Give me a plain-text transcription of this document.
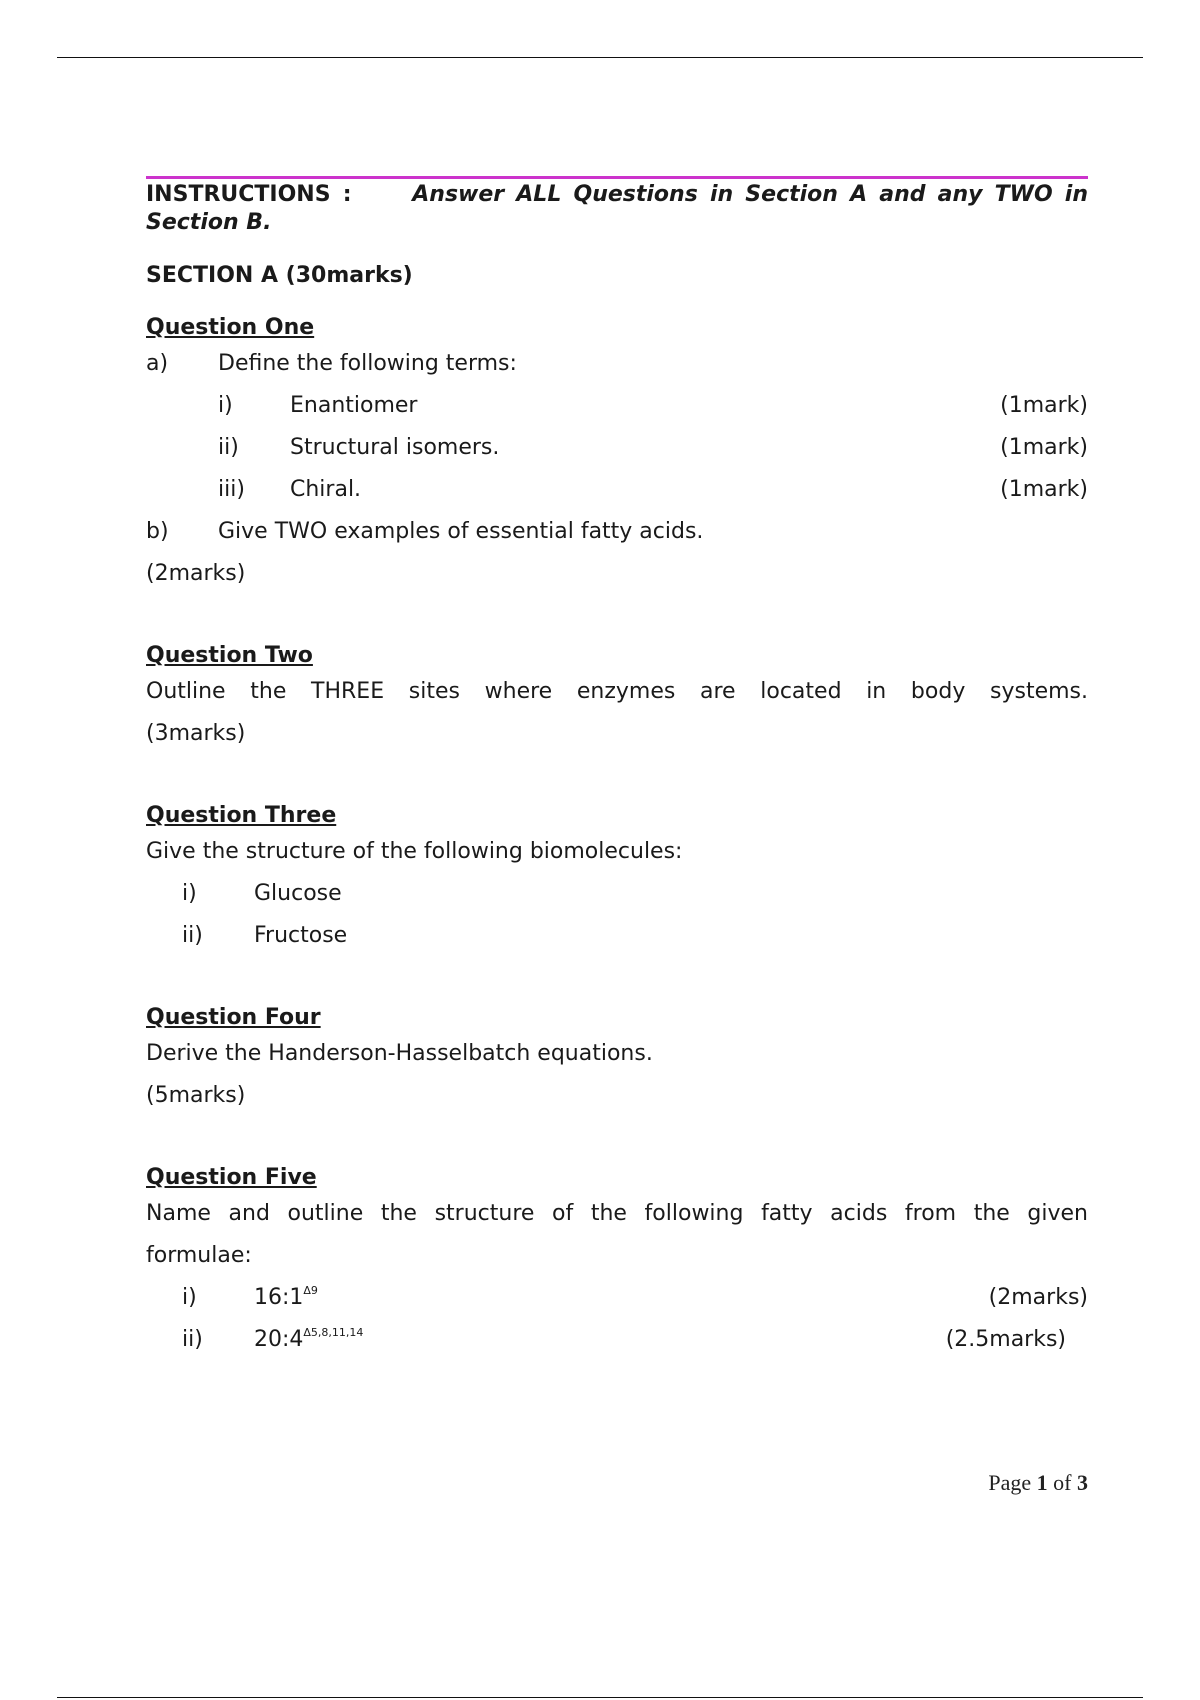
INSTRUCTIONS :	Answer ALL Questions in Section A and any TWO in Section B.
SECTION A (30marks)
Question One
a)	Define the following terms:
i)	Enantiomer	(1mark)
ii)	Structural isomers.	(1mark)
iii)	Chiral.	(1mark)
b)	Give TWO examples of essential fatty acids.
(2marks)
Question Two
Outline the THREE sites where enzymes are located in body systems.
(3marks)
Question Three
Give the structure of the following biomolecules:
i)	Glucose
ii)	Fructose
Question Four
Derive the Handerson-Hasselbatch equations.
(5marks)
Question Five
Name and outline the structure of the following fatty acids from the given
formulae:
i)	$16:1^{\Delta 9}$	(2marks)
ii)	$20:4^{\Delta 5,8,11,14}$	(2.5marks)
Page 1 of 3
